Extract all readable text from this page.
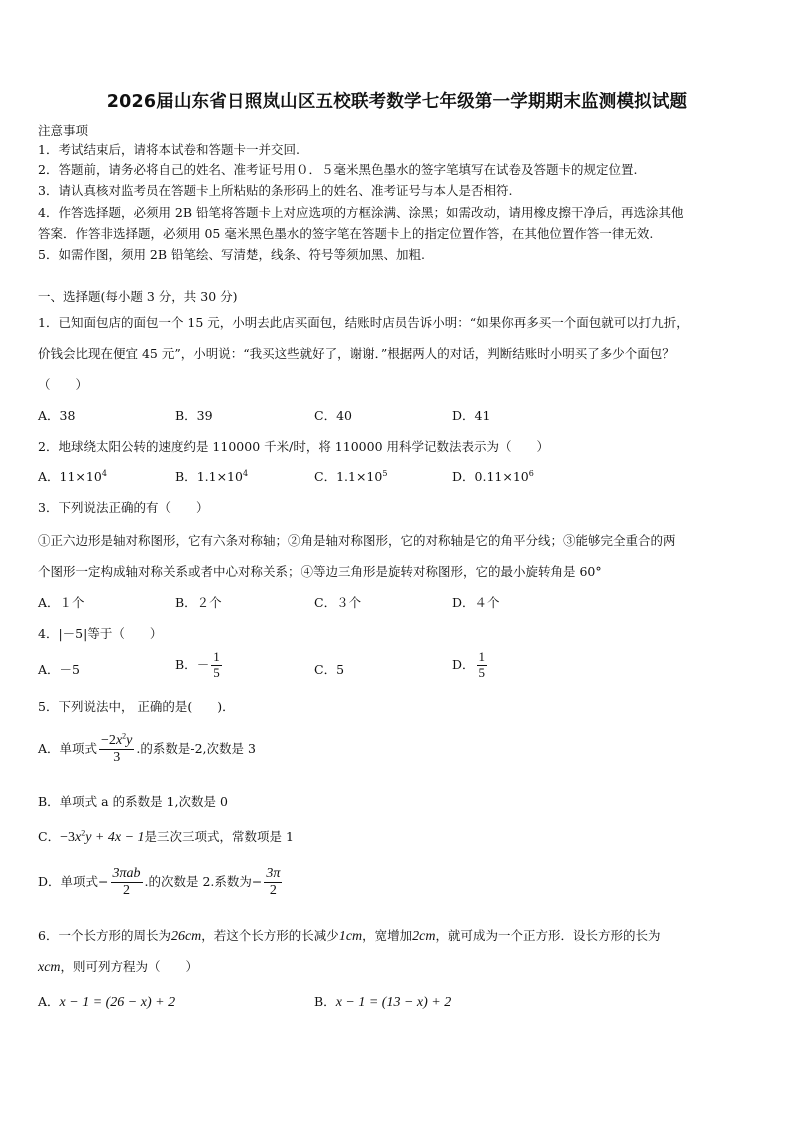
2026届山东省日照岚山区五校联考数学七年级第一学期期末监测模拟试题
注意事项
1．考试结束后，请将本试卷和答题卡一并交回.
2．答题前，请务必将自己的姓名、准考证号用０．５毫米黑色墨水的签字笔填写在试卷及答题卡的规定位置.
3．请认真核对监考员在答题卡上所粘贴的条形码上的姓名、准考证号与本人是否相符.
4．作答选择题，必须用 2B 铅笔将答题卡上对应选项的方框涂满、涂黑；如需改动，请用橡皮擦干净后，再选涂其他
答案．作答非选择题，必须用 05 毫米黑色墨水的签字笔在答题卡上的指定位置作答，在其他位置作答一律无效.
5．如需作图，须用 2B 铅笔绘、写清楚，线条、符号等须加黑、加粗.
一、选择题(每小题 3 分，共 30 分)
1．已知面包店的面包一个 15 元，小明去此店买面包，结账时店员告诉小明：“如果你再多买一个面包就可以打九折，
价钱会比现在便宜 45 元”，小明说：“我买这些就好了，谢谢．”根据两人的对话，判断结账时小明买了多少个面包？
（　　）
A．38	B．39	C．40	D．41
2．地球绕太阳公转的速度约是 110000 千米/时，将 110000 用科学记数法表示为（　　）
A．$11\times 10^4$	B．$1.1\times 10^4$	C．$1.1\times 10^5$	D．$0.11\times 10^6$
3．下列说法正确的有（　　）
①正六边形是轴对称图形，它有六条对称轴；②角是轴对称图形，它的对称轴是它的角平分线；③能够完全重合的两
个图形一定构成轴对称关系或者中心对称关系；④等边三角形是旋转对称图形，它的最小旋转角是 60°
A．１个	B．２个	C．３个	D．４个
4．|－5|等于（　　）
A．－5	B．－ $\frac{1}{5}$	C．5	D． $\frac{1}{5}$
5．下列说法中， 正确的是(　　)．
A．单项式 $\frac{-2x^2y}{3}$ .的系数是-2,次数是 3
B．单项式 a 的系数是 1,次数是 0
C．$-3x^2y + 4x - 1$是三次三项式，常数项是 1
D．单项式− $\frac{\text{3πab}}{2}$ .的次数是 2.系数为− $\frac{3\pi}{2}$
6．一个长方形的周长为26cm，若这个长方形的长减少1cm，宽增加2cm，就可成为一个正方形．设长方形的长为
xcm，则可列方程为（　　）
A．x − 1 = (26 − x) + 2	B．x − 1 = (13 − x) + 2
